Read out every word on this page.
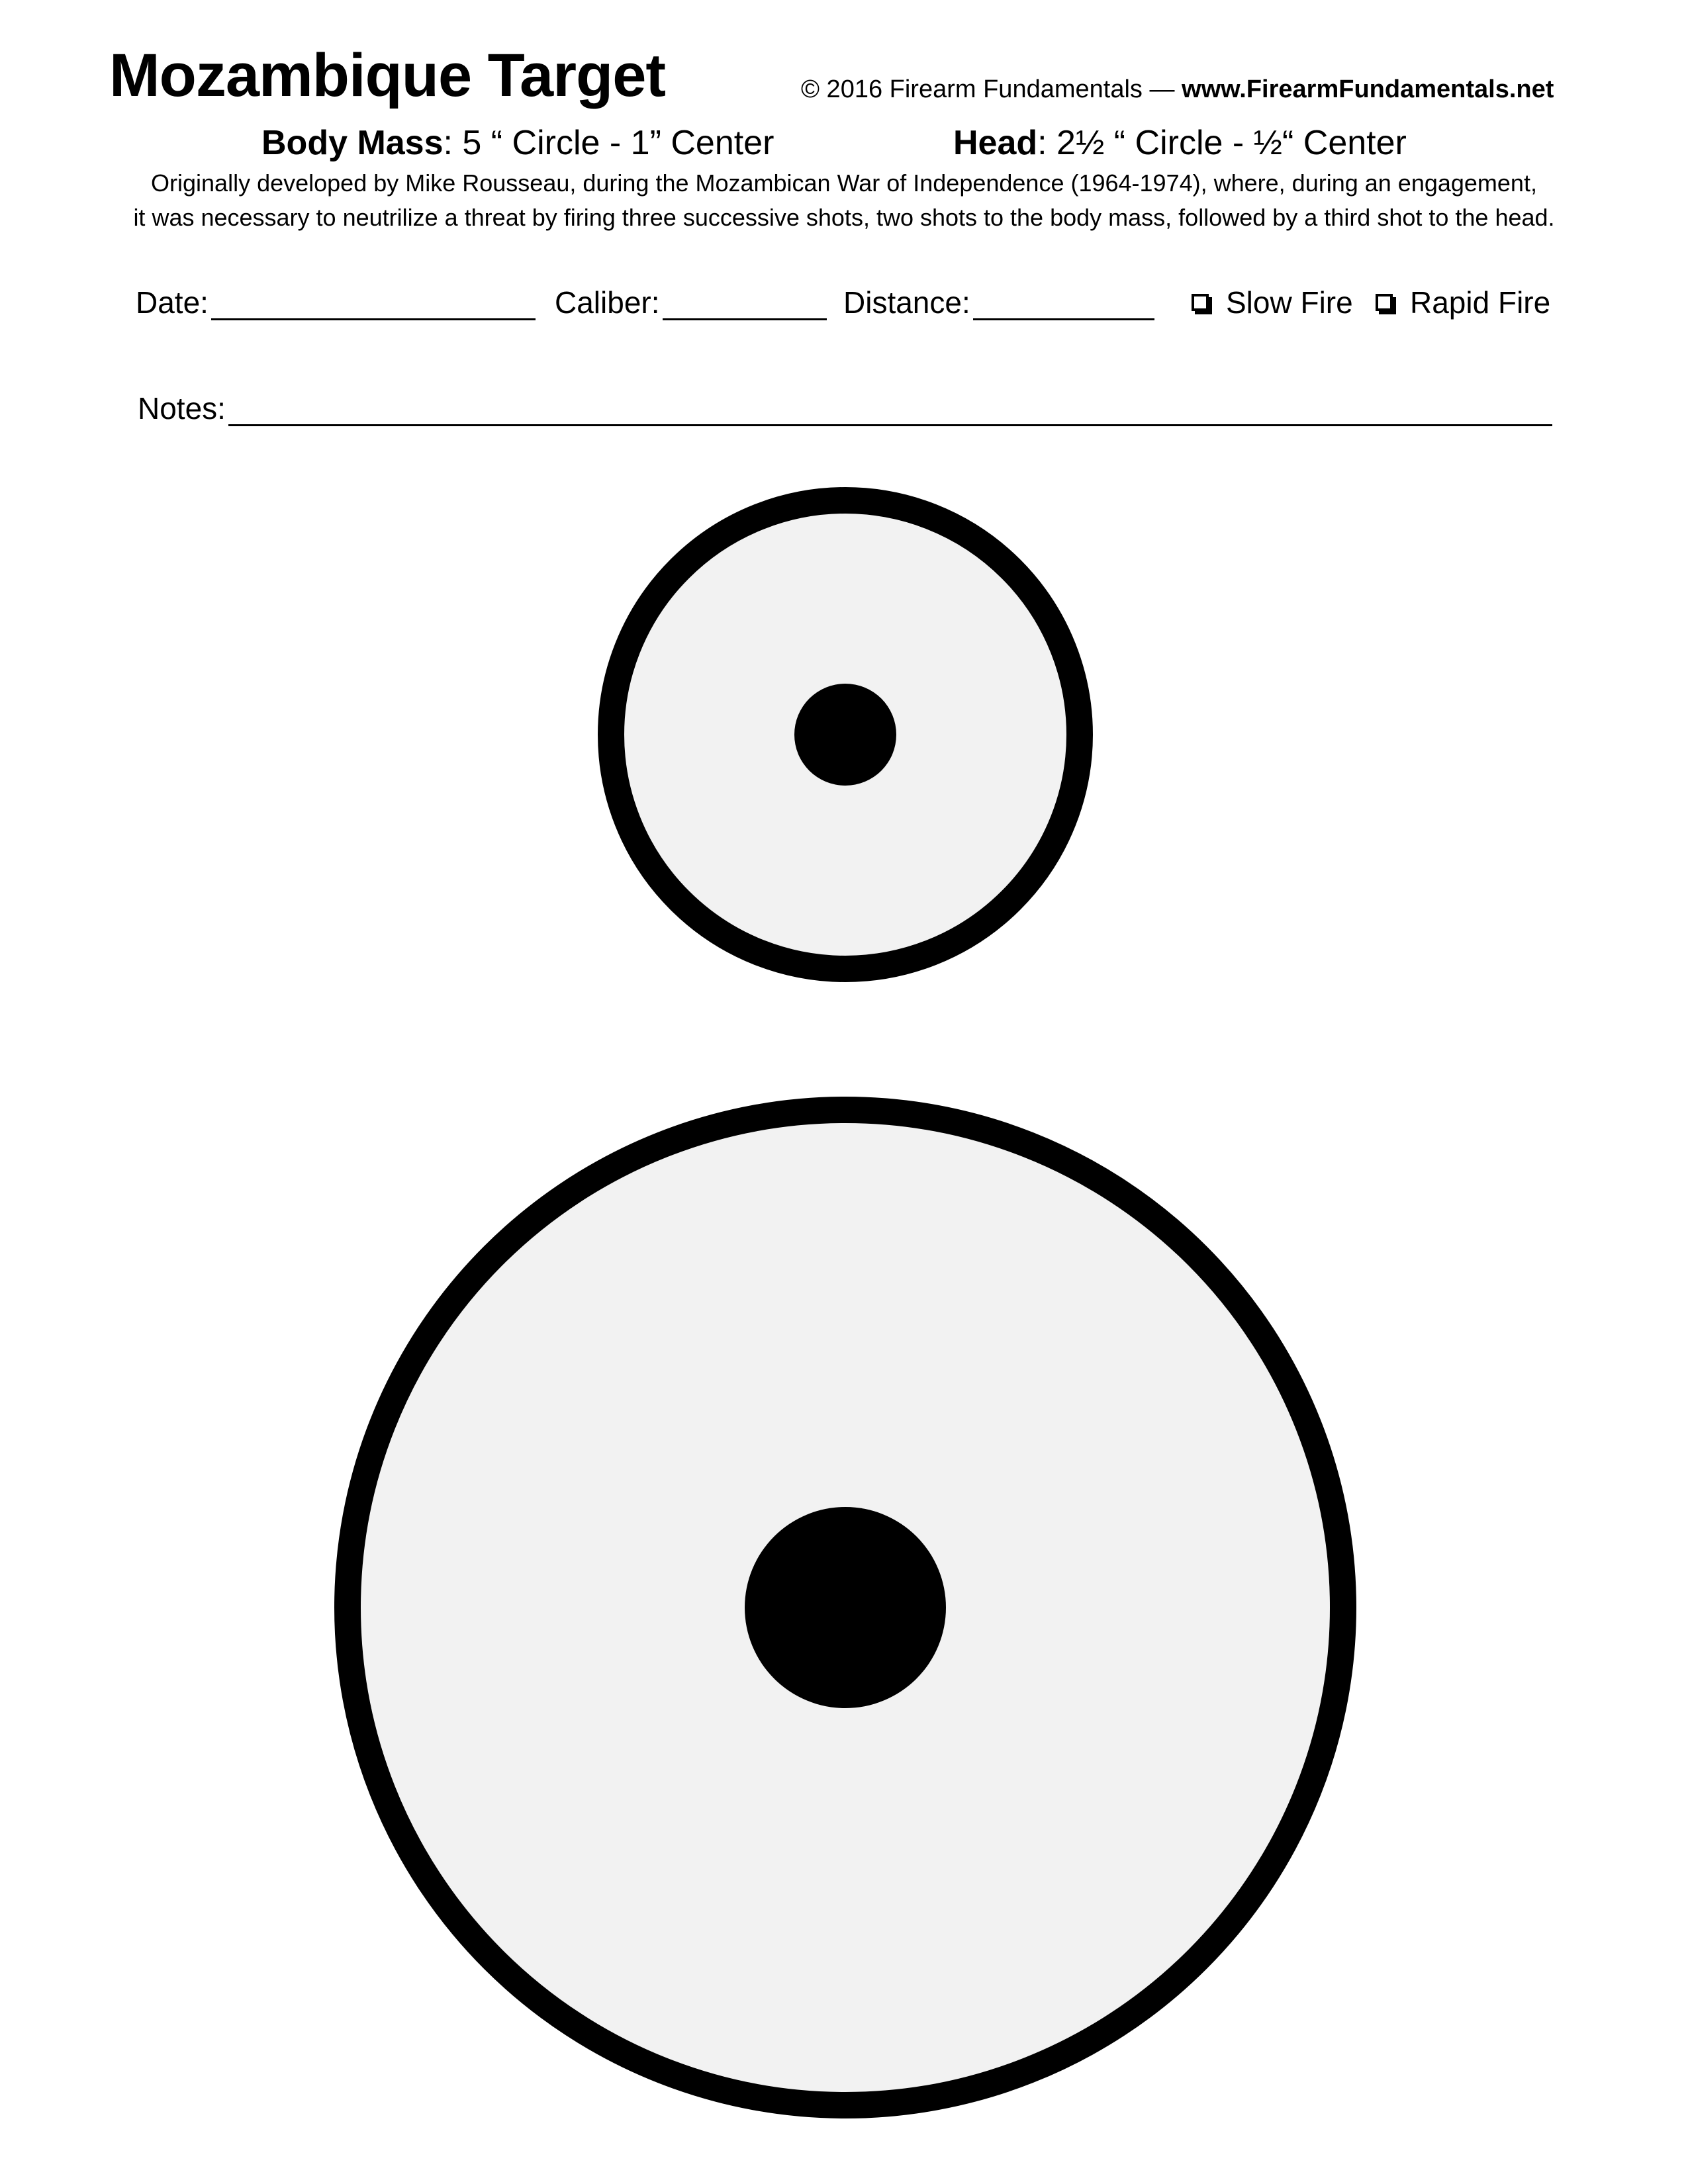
Mozambique Target	© 2016 Firearm Fundamentals — www.FirearmFundamentals.net
Body Mass: 5 “ Circle - 1” Center	Head: 2½ “ Circle - ½“ Center
Originally developed by Mike Rousseau, during the Mozambican War of Independence (1964-1974), where, during an engagement,
it was necessary to neutrilize a threat by firing three successive shots, two shots to the body mass, followed by a third shot to the head.
Date:	Caliber:	Distance:	Slow Fire Rapid Fire
Notes:
